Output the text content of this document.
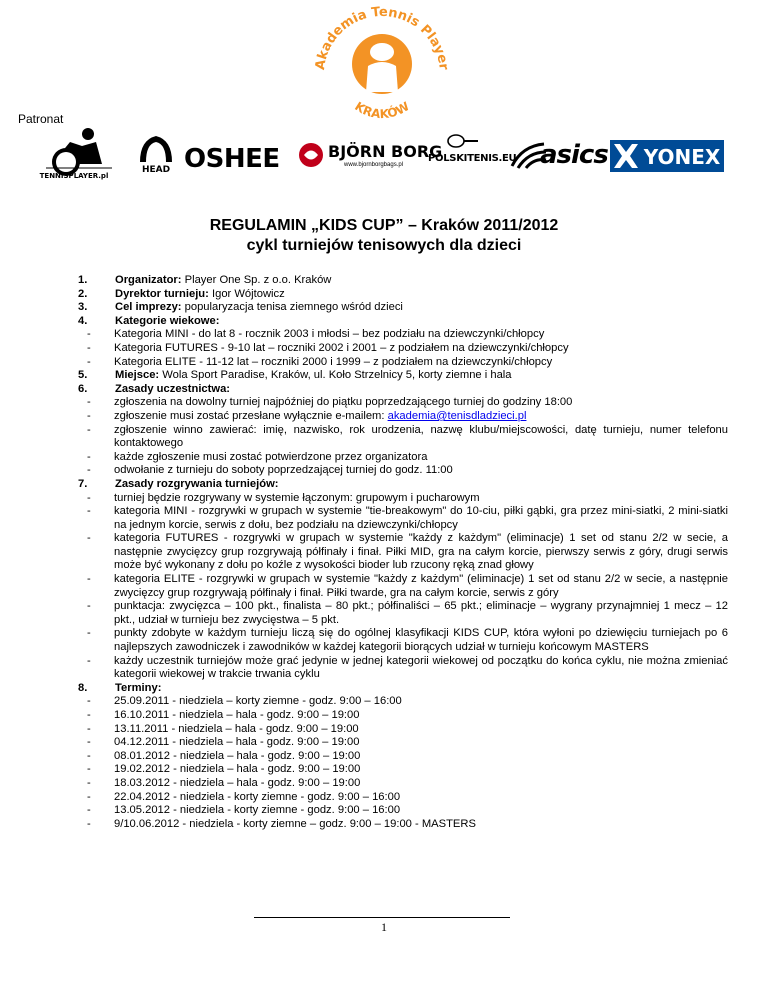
Akademia Tennis Player
KRAKÓW
Patronat
TENNISPLAYER.pl
HEAD OSHEE	BJÖRN BORG
www.bjornborgbags.pl
POLSKITENIS.EU asics YONEX
REGULAMIN „KIDS CUP” – Kraków 2011/2012
cykl turniejów tenisowych dla dzieci
1. Organizator: Player One Sp. z o.o. Kraków
2. Dyrektor turnieju: Igor Wójtowicz
3. Cel imprezy: popularyzacja tenisa ziemnego wśród dzieci
4. Kategorie wiekowe:
- Kategoria MINI - do lat 8 - rocznik 2003 i młodsi – bez podziału na dziewczynki/chłopcy
- Kategoria FUTURES - 9-10 lat – roczniki 2002 i 2001 – z podziałem na dziewczynki/chłopcy
- Kategoria ELITE - 11-12 lat – roczniki 2000 i 1999 – z podziałem na dziewczynki/chłopcy
5. Miejsce: Wola Sport Paradise, Kraków, ul. Koło Strzelnicy 5, korty ziemne i hala
6. Zasady uczestnictwa:
- zgłoszenia na dowolny turniej najpóźniej do piątku poprzedzającego turniej do godziny 18:00
- zgłoszenie musi zostać przesłane wyłącznie e-mailem: akademia@tenisdladzieci.pl
- zgłoszenie winno zawierać: imię, nazwisko, rok urodzenia, nazwę klubu/miejscowości, datę turnieju, numer telefonu kontaktowego
- każde zgłoszenie musi zostać potwierdzone przez organizatora
- odwołanie z turnieju do soboty poprzedzającej turniej do godz. 11:00
7. Zasady rozgrywania turniejów:
- turniej będzie rozgrywany w systemie łączonym: grupowym i pucharowym
- kategoria MINI - rozgrywki w grupach w systemie "tie-breakowym" do 10-ciu, piłki gąbki, gra przez mini-siatki, 2 mini-siatki na jednym korcie, serwis z dołu, bez podziału na dziewczynki/chłopcy
- kategoria FUTURES - rozgrywki w grupach w systemie "każdy z każdym" (eliminacje) 1 set od stanu 2/2 w secie, a następnie zwycięzcy grup rozgrywają półfinały i finał. Piłki MID, gra na całym korcie, pierwszy serwis z góry, drugi serwis może być wykonany z dołu po koźle z wysokości bioder lub rzucony ręką znad głowy
- kategoria ELITE - rozgrywki w grupach w systemie "każdy z każdym" (eliminacje) 1 set od stanu 2/2 w secie, a następnie zwycięzcy grup rozgrywają półfinały i finał. Piłki twarde, gra na całym korcie, serwis z góry
- punktacja: zwycięzca – 100 pkt., finalista – 80 pkt.; półfinaliści – 65 pkt.; eliminacje – wygrany przynajmniej 1 mecz – 12 pkt., udział w turnieju bez zwycięstwa – 5 pkt.
- punkty zdobyte w każdym turnieju liczą się do ogólnej klasyfikacji KIDS CUP, która wyłoni po dziewięciu turniejach po 6 najlepszych zawodniczek i zawodników w każdej kategorii biorących udział w turnieju końcowym MASTERS
- każdy uczestnik turniejów może grać jedynie w jednej kategorii wiekowej od początku do końca cyklu, nie można zmieniać kategorii wiekowej w trakcie trwania cyklu
8. Terminy:
- 25.09.2011 - niedziela – korty ziemne - godz. 9:00 – 16:00
- 16.10.2011 - niedziela – hala - godz. 9:00 – 19:00
- 13.11.2011 - niedziela – hala - godz. 9:00 – 19:00
- 04.12.2011 - niedziela – hala - godz. 9:00 – 19:00
- 08.01.2012 - niedziela – hala - godz. 9:00 – 19:00
- 19.02.2012 - niedziela – hala - godz. 9:00 – 19:00
- 18.03.2012 - niedziela – hala - godz. 9:00 – 19:00
- 22.04.2012 - niedziela - korty ziemne - godz. 9:00 – 16:00
- 13.05.2012 - niedziela - korty ziemne - godz. 9:00 – 16:00
- 9/10.06.2012 - niedziela - korty ziemne – godz. 9:00 – 19:00 - MASTERS
1
